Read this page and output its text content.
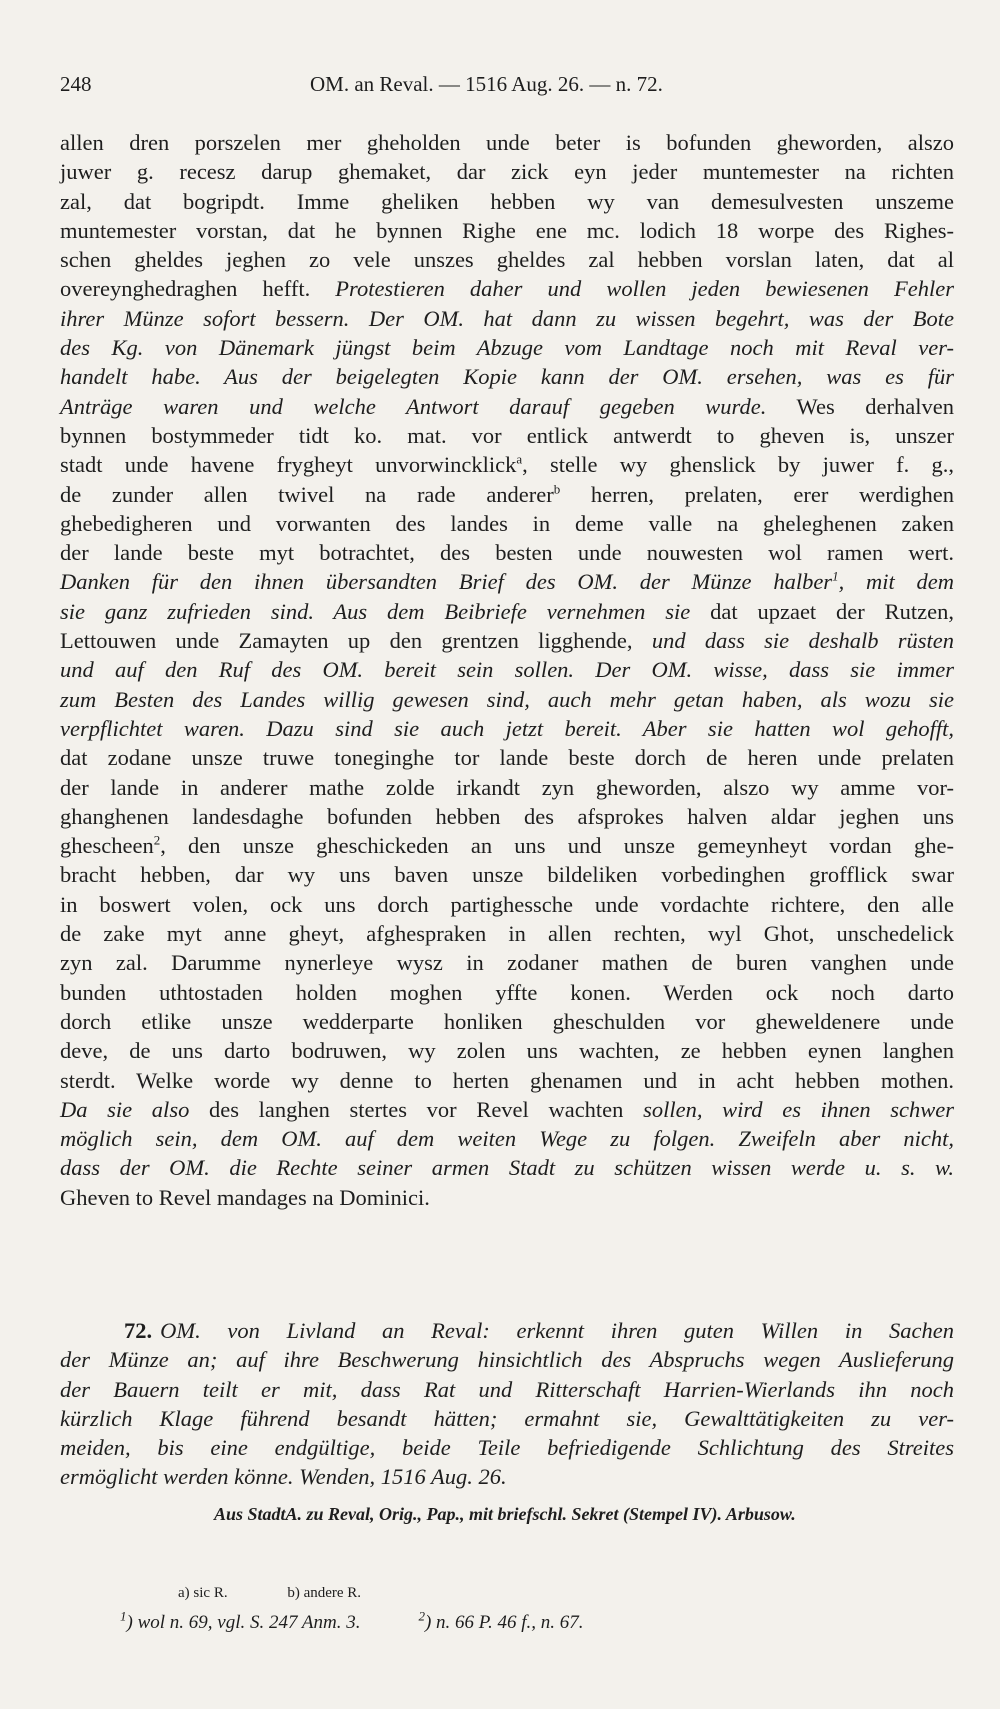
248	OM. an Reval. — 1516 Aug. 26. — n. 72.
allen dren porszelen mer gheholden unde beter is bofunden gheworden, alszo
juwer g. recesz darup ghemaket, dar zick eyn jeder muntemester na richten
zal, dat bogripdt. Imme gheliken hebben wy van demesulvesten unszeme
muntemester vorstan, dat he bynnen Righe ene mc. lodich 18 worpe des Righes-
schen gheldes jeghen zo vele unszes gheldes zal hebben vorslan laten, dat al
overeynghedraghen hefft. Protestieren daher und wollen jeden bewiesenen Fehler
ihrer Münze sofort bessern. Der OM. hat dann zu wissen begehrt, was der Bote
des Kg. von Dänemark jüngst beim Abzuge vom Landtage noch mit Reval ver-
handelt habe. Aus der beigelegten Kopie kann der OM. ersehen, was es für
Anträge waren und welche Antwort darauf gegeben wurde. Wes derhalven
bynnen bostymmeder tidt ko. mat. vor entlick antwerdt to gheven is, unszer
stadt unde havene frygheyt unvorwincklick$^a$, stelle wy ghenslick by juwer f. g.,
de zunder allen twivel na rade anderer$^b$ herren, prelaten, erer werdighen
ghebedigheren und vorwanten des landes in deme valle na gheleghenen zaken
der lande beste myt botrachtet, des besten unde nouwesten wol ramen wert.
Danken für den ihnen übersandten Brief des OM. der Münze halber$^1$, mit dem
sie ganz zufrieden sind. Aus dem Beibriefe vernehmen sie dat upzaet der Rutzen,
Lettouwen unde Zamayten up den grentzen ligghende, und dass sie deshalb rüsten
und auf den Ruf des OM. bereit sein sollen. Der OM. wisse, dass sie immer
zum Besten des Landes willig gewesen sind, auch mehr getan haben, als wozu sie
verpflichtet waren. Dazu sind sie auch jetzt bereit. Aber sie hatten wol gehofft,
dat zodane unsze truwe toneginghe tor lande beste dorch de heren unde prelaten
der lande in anderer mathe zolde irkandt zyn gheworden, alszo wy amme vor-
ghanghenen landesdaghe bofunden hebben des afsprokes halven aldar jeghen uns
ghescheen$^2$, den unsze gheschickeden an uns und unsze gemeynheyt vordan ghe-
bracht hebben, dar wy uns baven unsze bildeliken vorbedinghen grofflick swar
in boswert volen, ock uns dorch partighessche unde vordachte richtere, den alle
de zake myt anne gheyt, afghespraken in allen rechten, wyl Ghot, unschedelick
zyn zal. Darumme nynerleye wysz in zodaner mathen de buren vanghen unde
bunden uthtostaden holden moghen yffte konen. Werden ock noch darto
dorch etlike unsze wedderparte honliken gheschulden vor gheweldenere unde
deve, de uns darto bodruwen, wy zolen uns wachten, ze hebben eynen langhen
sterdt. Welke worde wy denne to herten ghenamen und in acht hebben mothen.
Da sie also des langhen stertes vor Revel wachten sollen, wird es ihnen schwer
möglich sein, dem OM. auf dem weiten Wege zu folgen. Zweifeln aber nicht,
dass der OM. die Rechte seiner armen Stadt zu schützen wissen werde u. s. w.
Gheven to Revel mandages na Dominici.
72. OM. von Livland an Reval: erkennt ihren guten Willen in Sachen
der Münze an; auf ihre Beschwerung hinsichtlich des Abspruchs wegen Auslieferung
der Bauern teilt er mit, dass Rat und Ritterschaft Harrien-Wierlands ihn noch
kürzlich Klage führend besandt hätten; ermahnt sie, Gewalttätigkeiten zu ver-
meiden, bis eine endgültige, beide Teile befriedigende Schlichtung des Streites
ermöglicht werden könne. Wenden, 1516 Aug. 26.
Aus StadtA. zu Reval, Orig., Pap., mit briefschl. Sekret (Stempel IV). Arbusow.
a) sic R.	b) andere R.
$^1$) wol n. 69, vgl. S. 247 Anm. 3.	$^2$) n. 66 P. 46 f., n. 67.
